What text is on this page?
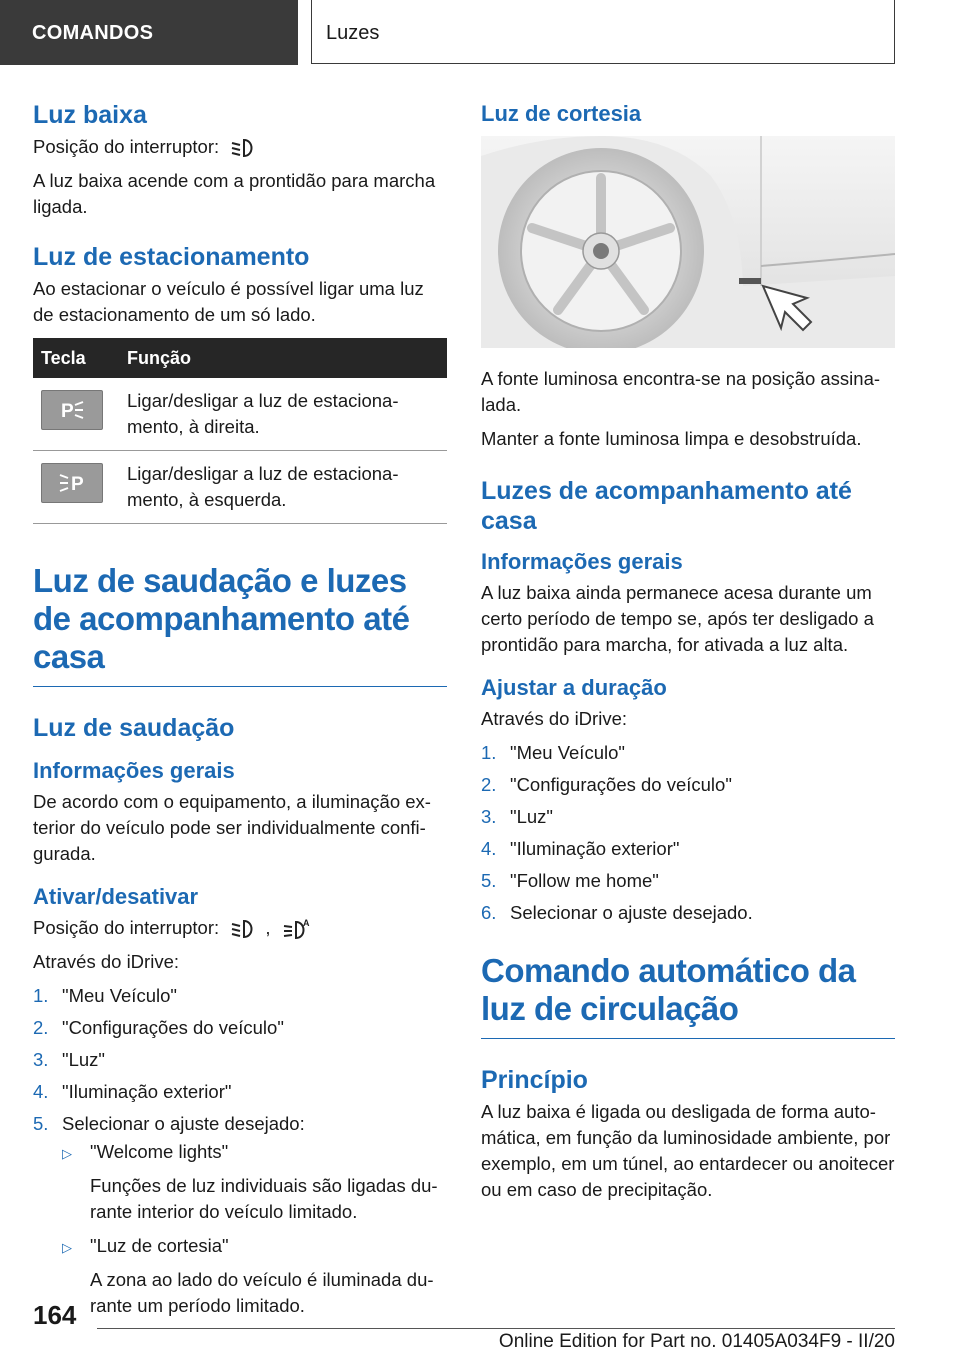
COMANDOS	Luzes
Luz baixa

Posição do interruptor:

A luz baixa acende com a prontidão para marcha ligada.

Luz de estacionamento

Ao estacionar o veículo é possível ligar uma luz de estacionamento de um só lado.

Tecla	Função

P	Ligar/desligar a luz de estaciona-mento, à direita.

P	Ligar/desligar a luz de estaciona-mento, à esquerda.
Luz de saudação e luzes de acompanhamento até casa
Luz de saudação
Informações gerais

De acordo com o equipamento, a iluminação ex-terior do veículo pode ser individualmente confi-gurada.

Ativar/desativar

Posição do interruptor:	,	A

Através do iDrive:

1. "Meu Veículo"
2. "Configurações do veículo"
3. "Luz"
4. "Iluminação exterior"
5. Selecionar o ajuste desejado:
▷ "Welcome lights"
Funções de luz individuais são ligadas du-rante interior do veículo limitado.
▷ "Luz de cortesia"
A zona ao lado do veículo é iluminada du-rante um período limitado.
Luz de cortesia

A fonte luminosa encontra-se na posição assina-lada.

Manter a fonte luminosa limpa e desobstruída.

Luzes de acompanhamento até casa
Informações gerais

A luz baixa ainda permanece acesa durante um certo período de tempo se, após ter desligado a prontidão para marcha, for ativada a luz alta.

Ajustar a duração

Através do iDrive:

1. "Meu Veículo"
2. "Configurações do veículo"
3. "Luz"
4. "Iluminação exterior"
5. "Follow me home"
6. Selecionar o ajuste desejado.
Comando automático da luz de circulação
Princípio

A luz baixa é ligada ou desligada de forma auto-mática, em função da luminosidade ambiente, por exemplo, em um túnel, ao entardecer ou anoitecer ou em caso de precipitação.

164
Online Edition for Part no. 01405A034F9 - II/20
